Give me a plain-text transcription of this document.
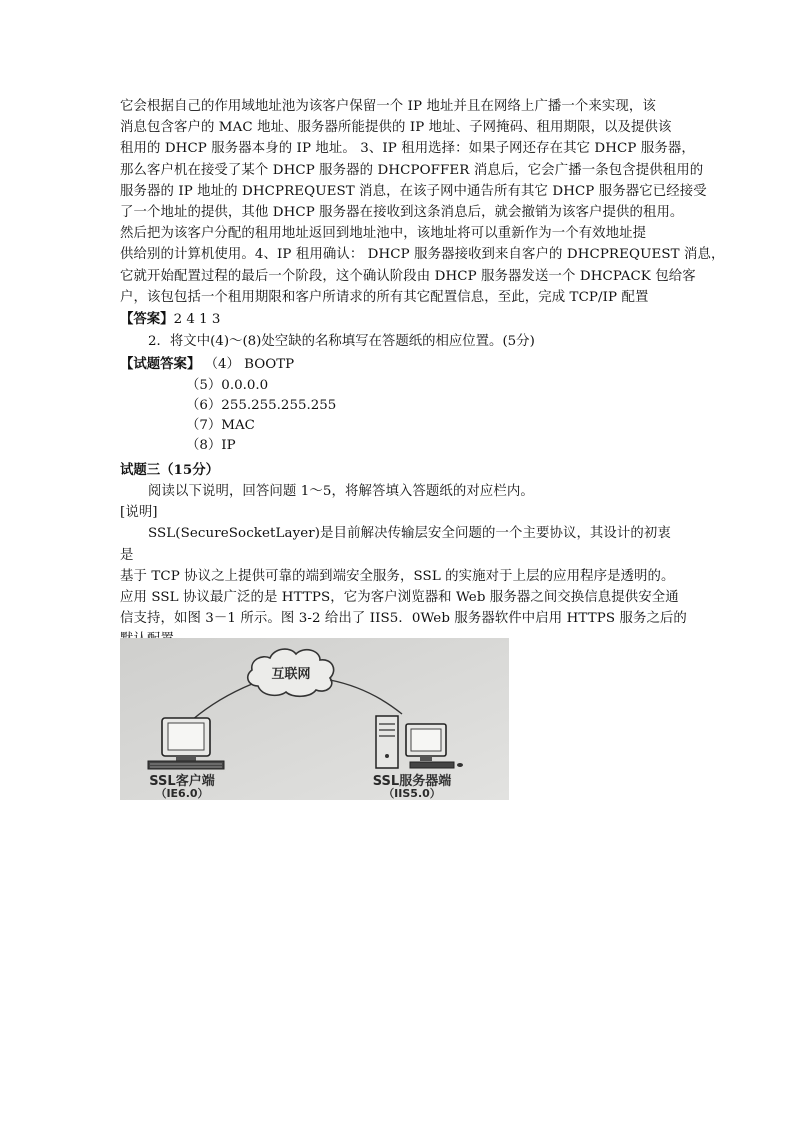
它会根据自己的作用域地址池为该客户保留一个 IP 地址并且在网络上广播一个来实现，该

消息包含客户的 MAC 地址、服务器所能提供的 IP 地址、子网掩码、租用期限，以及提供该

租用的 DHCP 服务器本身的 IP 地址。 3、IP 租用选择：如果子网还存在其它 DHCP 服务器，

那么客户机在接受了某个 DHCP 服务器的 DHCPOFFER 消息后，它会广播一条包含提供租用的

服务器的 IP 地址的 DHCPREQUEST 消息，在该子网中通告所有其它 DHCP 服务器它已经接受

了一个地址的提供，其他 DHCP 服务器在接收到这条消息后，就会撤销为该客户提供的租用。

然后把为该客户分配的租用地址返回到地址池中，该地址将可以重新作为一个有效地址提

供给别的计算机使用。4、IP 租用确认： DHCP 服务器接收到来自客户的 DHCPREQUEST 消息，

它就开始配置过程的最后一个阶段，这个确认阶段由 DHCP 服务器发送一个 DHCPACK 包给客

户，该包包括一个租用期限和客户所请求的所有其它配置信息，至此，完成 TCP/IP 配置

【答案】2 4 1 3

2．将文中(4)～(8)处空缺的名称填写在答题纸的相应位置。(5分)

【试题答案】 （4） BOOTP

（5）0.0.0.0

（6）255.255.255.255

（7）MAC

（8）IP

试题三（15分）

阅读以下说明，回答问题 1～5，将解答填入答题纸的对应栏内。

[说明]

SSL(SecureSocketLayer)是目前解决传输层安全问题的一个主要协议，其设计的初衷

是

基于 TCP 协议之上提供可靠的端到端安全服务，SSL 的实施对于上层的应用程序是透明的。

应用 SSL 协议最广泛的是 HTTPS，它为客户浏览器和 Web 服务器之间交换信息提供安全通

信支持，如图 3－1 所示。图 3-2 给出了 IIS5．0Web 服务器软件中启用 HTTPS 服务之后的

互联网
SSL客户端
（IE6.0）
SSL服务器端
（IIS5.0）
